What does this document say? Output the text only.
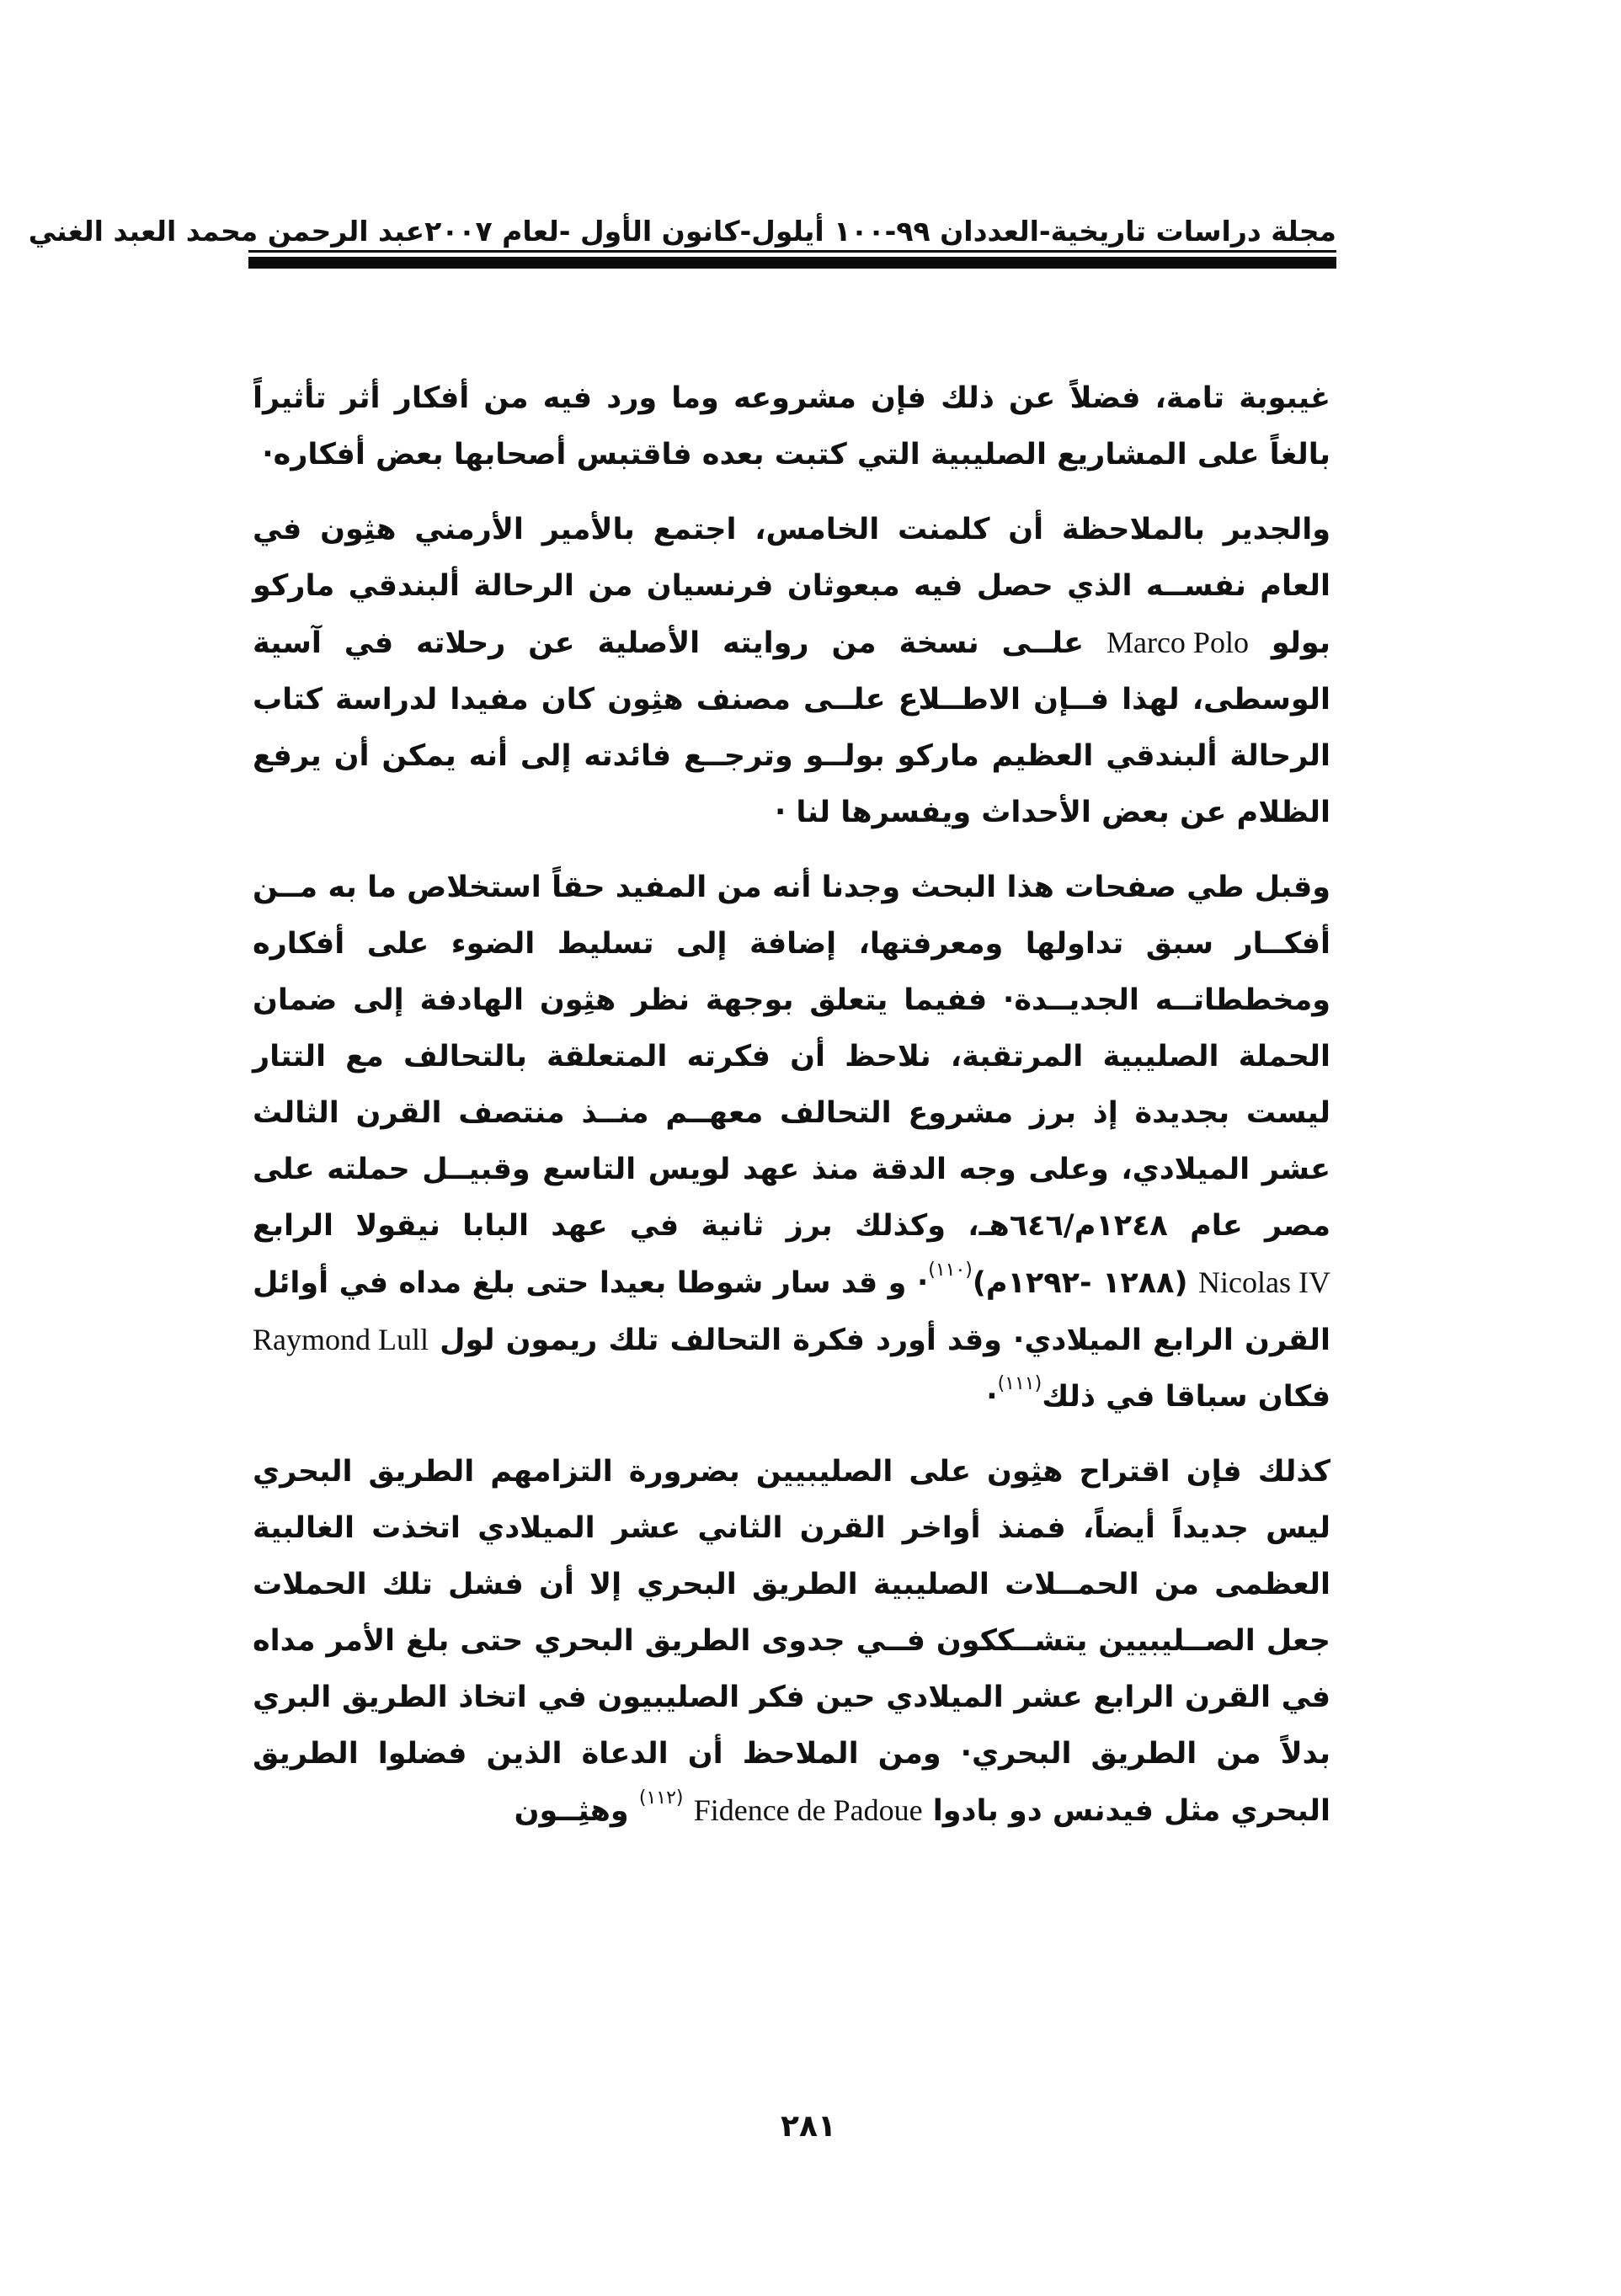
مجلة دراسات تاريخية-العددان ٩٩-١٠٠ أيلول-كانون الأول -لعام ٢٠٠٧
عبد الرحمن محمد العبد الغني

غيبوبة تامة، فضلاً عن ذلك فإن مشروعه وما ورد فيه من أفكار أثر تأثيراً بالغاً على المشاريع الصليبية التي كتبت بعده فاقتبس أصحابها بعض أفكاره·

والجدير بالملاحظة أن كلمنت الخامس، اجتمع بالأمير الأرمني هثِون في العام نفســه الذي حصل فيه مبعوثان فرنسيان من الرحالة ألبندقي ماركو بولو Marco Polo علــى نسخة من روايته الأصلية عن رحلاته في آسية الوسطى، لهذا فــإن الاطــلاع علــى مصنف هثِون كان مفيدا لدراسة كتاب الرحالة ألبندقي العظيم ماركو بولــو وترجــع فائدته إلى أنه يمكن أن يرفع الظلام عن بعض الأحداث ويفسرها لنا ·

وقبل طي صفحات هذا البحث وجدنا أنه من المفيد حقاً استخلاص ما به مــن أفكــار سبق تداولها ومعرفتها، إضافة إلى تسليط الضوء على أفكاره ومخططاتــه الجديــدة· ففيما يتعلق بوجهة نظر هثِون الهادفة إلى ضمان الحملة الصليبية المرتقبة، نلاحظ أن فكرته المتعلقة بالتحالف مع التتار ليست بجديدة إذ برز مشروع التحالف معهــم منــذ منتصف القرن الثالث عشر الميلادي، وعلى وجه الدقة منذ عهد لويس التاسع وقبيــل حملته على مصر عام ١٢٤٨م/٦٤٦هـ، وكذلك برز ثانية في عهد البابا نيقولا الرابع Nicolas IV (١٢٨٨ -١٢٩٢م)$^{(١١٠)}$· و قد سار شوطا بعيدا حتى بلغ مداه في أوائل القرن الرابع الميلادي· وقد أورد فكرة التحالف تلك ريمون لول Raymond Lull فكان سباقا في ذلك$^{(١١١)}$·

كذلك فإن اقتراح هثِون على الصليبيين بضرورة التزامهم الطريق البحري ليس جديداً أيضاً، فمنذ أواخر القرن الثاني عشر الميلادي اتخذت الغالبية العظمى من الحمــلات الصليبية الطريق البحري إلا أن فشل تلك الحملات جعل الصــليبيين يتشــككون فــي جدوى الطريق البحري حتى بلغ الأمر مداه في القرن الرابع عشر الميلادي حين فكر الصليبيون في اتخاذ الطريق البري بدلاً من الطريق البحري· ومن الملاحظ أن الدعاة الذين فضلوا الطريق البحري مثل فيدنس دو بادوا Fidence de Padoue $^{(١١٢)}$ وهثِــون

٢٨١
